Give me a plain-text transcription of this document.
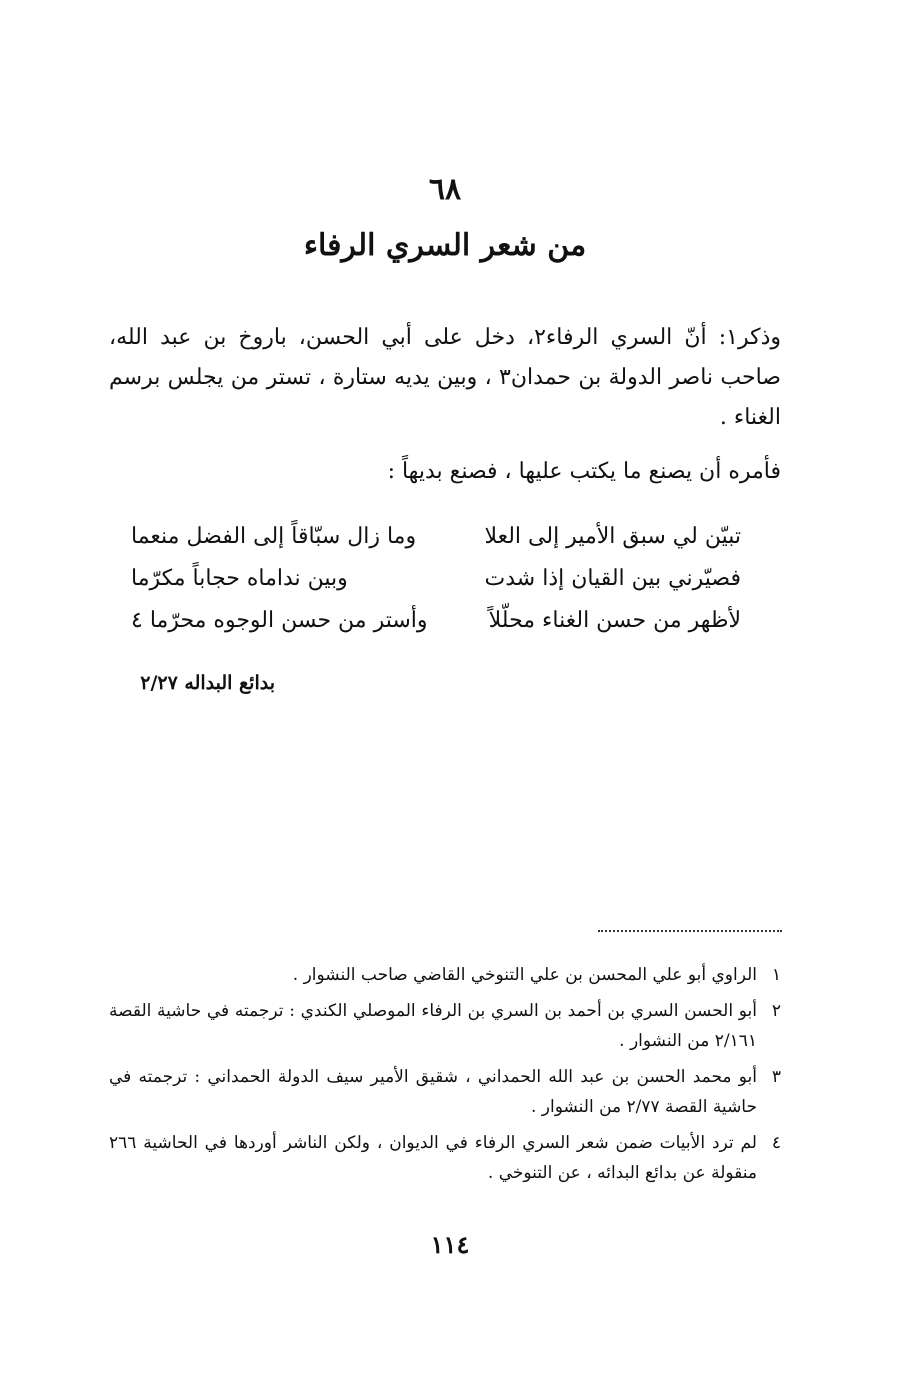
٦٨
من شعر السري الرفاء

وذكر١: أنّ السري الرفاء٢، دخل على أبي الحسن، باروخ بن عبد الله، صاحب ناصر الدولة بن حمدان٣ ، وبين يديه ستارة ، تستر من يجلس برسم الغناء .

فأمره أن يصنع ما يكتب عليها ، فصنع بديهاً :

تبيّن لي سبق الأمير إلى العلا
وما زال سبّاقاً إلى الفضل منعما
فصيّرني بين القيان إذا شدت
وبين نداماه حجاباً مكرّما
لأظهر من حسن الغناء محلّلاً
وأستر من حسن الوجوه محرّما ٤
بدائع البداله ٢/٢٧
١
الراوي أبو علي المحسن بن علي التنوخي القاضي صاحب النشوار .
٢
أبو الحسن السري بن أحمد بن السري بن الرفاء الموصلي الكندي : ترجمته في حاشية القصة ٢/١٦١ من النشوار .
٣
أبو محمد الحسن بن عبد الله الحمداني ، شقيق الأمير سيف الدولة الحمداني : ترجمته في حاشية القصة ٢/٧٧ من النشوار .
٤
لم ترد الأبيات ضمن شعر السري الرفاء في الديوان ، ولكن الناشر أوردها في الحاشية ٢٦٦ منقولة عن بدائع البدائه ، عن التنوخي .
١١٤
